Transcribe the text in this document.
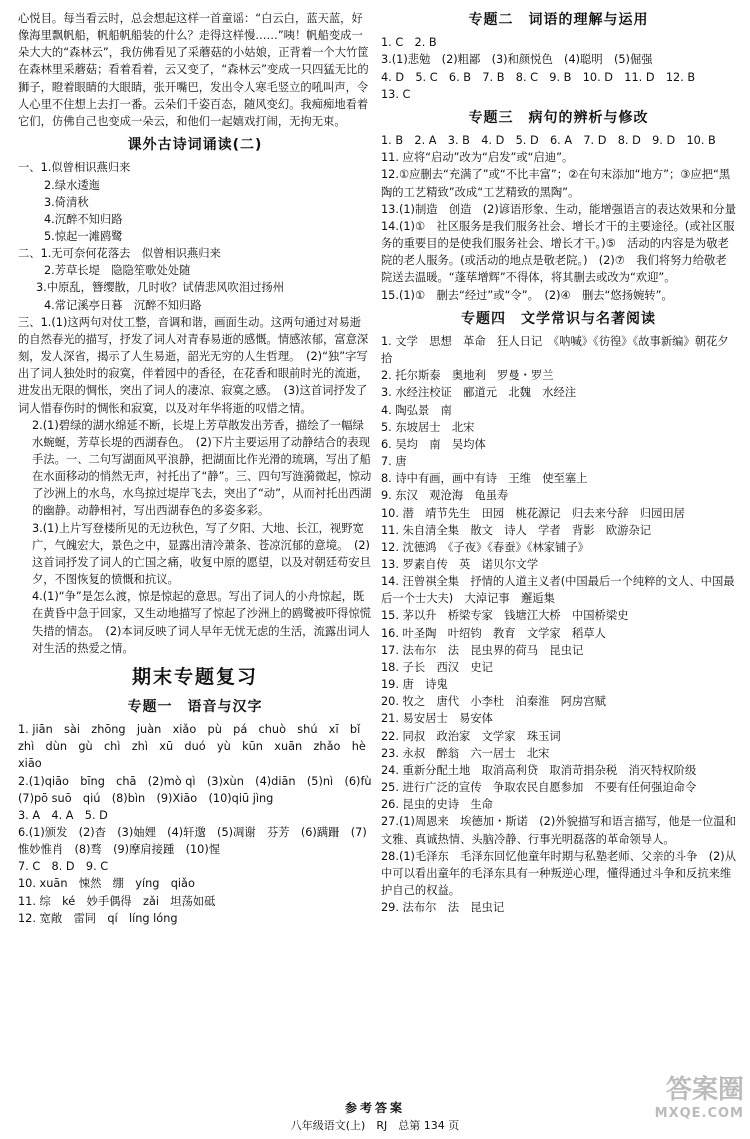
心悦目。每当看云时，总会想起这样一首童谣：“白云白，蓝天蓝，好像海里飘帆船，帆船帆船装的什么？走得这样慢……”咦！帆船变成一朵大大的“森林云”，我仿佛看见了采蘑菇的小姑娘，正背着一个大竹筐在森林里采蘑菇；看着看着，云又变了，“森林云”变成一只四猛无比的狮子，瞪着眼睛的大眼睛，张开嘴巴，发出令人寒毛竖立的吼叫声，令人心里不住想上去打一番。云朵们千姿百态，随风变幻。我痴痴地看着它们，仿佛自己也变成一朵云，和他们一起嬉戏打闹，无拘无束。

课外古诗词诵读(二)

一、1.似曾相识燕归来

2.绿水逶迤

3.倚清秋

4.沉醉不知归路

5.惊起一滩鸥鹭

二、1.无可奈何花落去　似曾相识燕归来

2.芳草长堤　隐隐笙歌处处随

3.中原乱，簪缨散，几时收？试倩悲风吹泪过扬州

4.常记溪亭日暮　沉醉不知归路

三、1.(1)这两句对仗工整，音调和谐，画面生动。这两句通过对易逝的自然春光的描写，抒发了词人对青春易逝的感慨。情感浓郁，富意深刻，发人深省，揭示了人生易逝，韶光无穷的人生哲理。　(2)“独”字写出了词人独处时的寂寞，伴着园中的香径，在花香和眼前时光的流逝，进发出无限的惆怅，突出了词人的凄凉、寂寞之感。　(3)这首词抒发了词人惜春伤时的惆怅和寂寞，以及对年华将逝的叹惜之情。

2.(1)碧绿的湖水绵延不断，长堤上芳草散发出芳香，描绘了一幅绿水蜿蜒，芳草长堤的西湖春色。　(2)下片主要运用了动静结合的表现手法。一、二句写湖面风平浪静，把湖面比作光滑的琉璃，写出了船在水面移动的悄然无声，衬托出了“静”。三、四句写涟漪微起，惊动了沙洲上的水鸟，水鸟掠过堤岸飞去，突出了“动”，从而衬托出西湖的幽静。动静相衬，写出西湖春色的多姿多彩。

3.(1)上片写登楼所见的无边秋色，写了夕阳、大地、长江，视野宽广，气魄宏大，景色之中，显露出清冷萧条、苍凉沉郁的意境。　(2)这首词抒发了词人的亡国之痛，收复中原的愿望，以及对朝廷苟安旦夕，不图恢复的愤慨和抗议。

4.(1)“争”是怎么渡，惊是惊起的意思。写出了词人的小舟惊起，既在黄昏中急于回家，又生动地描写了惊起了沙洲上的鸥鹭被吓得惊慌失措的情态。　(2)本词反映了词人早年无忧无虑的生活，流露出词人对生活的热爱之情。

期末专题复习
专题一　语音与汉字

1. jiān　sài　zhōng　juàn　xiǎo　pù　pá　chuò　shú　xī　bǐ　zhì　dùn　gù　chì　zhì　xū　duó　yù　kūn　xuān　zhǎo　hè　xiāo

2.(1)qiāo　bīng　chā　(2)mò qì　(3)xùn　(4)diān　(5)nì　(6)fù　(7)pō suō　qiú　(8)bìn　(9)Xiāo　(10)qiū jìng

3. A　4. A　5. D

6.(1)颁发　(2)杳　(3)妯娌　(4)轩邈　(5)凋谢　芬芳　(6)蹒跚　(7)惟妙惟肖　(8)骛　(9)摩肩接踵　(10)惺

7. C　8. D　9. C

10. xuān　悚然　绷　yíng　qiǎo

11. 综　ké　妙手偶得　zǎi　坦荡如砥

12. 宽敞　雷同　qí　líng lóng

专题二　词语的理解与运用

1. C　2. B

3.(1)悲勉　(2)粗鄙　(3)和颜悦色　(4)聪明　(5)倔强

4. D　5. C　6. B　7. B　8. C　9. B　10. D　11. D　12. B

13. C

专题三　病句的辨析与修改

1. B　2. A　3. B　4. D　5. D　6. A　7. D　8. D　9. D　10. B

11. 应将“启动”改为“启发”或“启迪”。

12.①应删去“充满了”或“不比丰富”；②在句末添加“地方”；③应把“黑陶的工艺精致”改成“工艺精致的黑陶”。

13.(1)制造　创造　(2)谚语形象、生动，能增强语言的表达效果和分量

14.(1)①　社区服务是我们服务社会、增长才干的主要途径。(或社区服务的重要目的是使我们服务社会、增长才干。)⑤　活动的内容是为敬老院的老人服务。(或活动的地点是敬老院。)　(2)⑦　我们将努力给敬老院送去温暖。“蓬荜增辉”不得体，将其删去或改为“欢迎”。

15.(1)①　删去“经过”或“令”。　(2)④　删去“悠扬婉转”。

专题四　文学常识与名著阅读

1. 文学　思想　革命　狂人日记　《呐喊》《彷徨》《故事新编》朝花夕拾

2. 托尔斯泰　奥地利　罗曼・罗兰

3. 水经注校证　郦道元　北魏　水经注

4. 陶弘景　南

5. 东坡居士　北宋

6. 吴均　南　吴均体

7. 唐

8. 诗中有画，画中有诗　王维　使至塞上

9. 东汉　观沧海　龟虽寿

10. 潜　靖节先生　田园　桃花源记　归去来兮辞　归园田居

11. 朱自清全集　散文　诗人　学者　背影　欧游杂记

12. 沈德鸿　《子夜》《春蚕》《林家铺子》

13. 罗素自传　英　诺贝尔文学

14. 汪曾祺全集　抒情的人道主义者(中国最后一个纯粹的文人、中国最后一个士大夫)　大淖记事　邂逅集

15. 茅以升　桥梁专家　钱塘江大桥　中国桥梁史

16. 叶圣陶　叶绍钧　教育　文学家　稻草人

17. 法布尔　法　昆虫界的荷马　昆虫记

18. 子长　西汉　史记

19. 唐　诗鬼

20. 牧之　唐代　小李杜　泊秦淮　阿房宫赋

21. 易安居士　易安体

22. 同叔　政治家　文学家　珠玉词

23. 永叔　醉翁　六一居士　北宋

24. 重新分配土地　取消高利贷　取消苛捐杂税　消灭特权阶级

25. 进行广泛的宣传　争取农民自愿参加　不要有任何强迫命令

26. 昆虫的史诗　生命

27.(1)周恩来　埃德加・斯诺　(2)外貌描写和语言描写，他是一位温和文雅、真诚热情、头脑冷静、行事光明磊落的革命领导人。

28.(1)毛泽东　毛泽东回忆他童年时期与私塾老师、父亲的斗争　(2)从中可以看出童年的毛泽东具有一种叛逆心理，懂得通过斗争和反抗来维护自己的权益。

29. 法布尔　法　昆虫记

参考答案
八年级语文(上)　RJ　总第 134 页
答案圈
MXQE.COM
